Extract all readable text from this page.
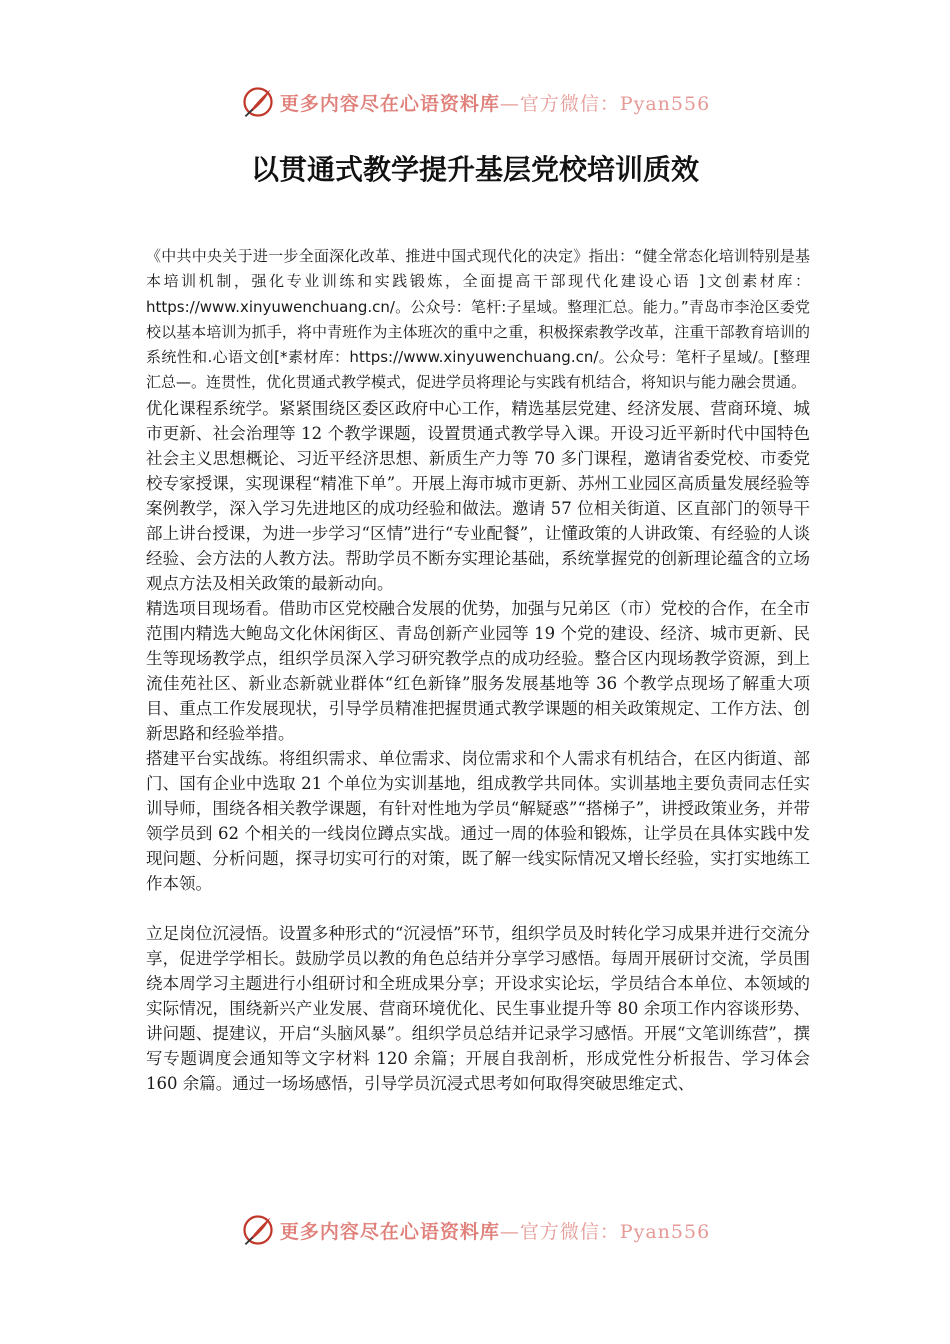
更多内容尽在心语资料库—官方微信：Pyan556
以贯通式教学提升基层党校培训质效

《中共中央关于进一步全面深化改革、推进中国式现代化的决定》指出：“健全常态化培训特别是基本培训机制，强化专业训练和实践锻炼，全面提高干部现代化建设心语 ]文创素材库：https://www.xinyuwenchuang.cn/。公众号：笔杆:子星域。整理汇总。能力。”青岛市李沧区委党校以基本培训为抓手，将中青班作为主体班次的重中之重，积极探索教学改革，注重干部教育培训的系统性和.心语文创[*素材库：https://www.xinyuwenchuang.cn/。公众号：笔杆子星域/。[整理汇总—。连贯性，优化贯通式教学模式，促进学员将理论与实践有机结合，将知识与能力融会贯通。

优化课程系统学。紧紧围绕区委区政府中心工作，精选基层党建、经济发展、营商环境、城市更新、社会治理等 12 个教学课题，设置贯通式教学导入课。开设习近平新时代中国特色社会主义思想概论、习近平经济思想、新质生产力等 70 多门课程，邀请省委党校、市委党校专家授课，实现课程“精准下单”。开展上海市城市更新、苏州工业园区高质量发展经验等案例教学，深入学习先进地区的成功经验和做法。邀请 57 位相关街道、区直部门的领导干部上讲台授课，为进一步学习“区情”进行“专业配餐”，让懂政策的人讲政策、有经验的人谈经验、会方法的人教方法。帮助学员不断夯实理论基础，系统掌握党的创新理论蕴含的立场观点方法及相关政策的最新动向。

精选项目现场看。借助市区党校融合发展的优势，加强与兄弟区（市）党校的合作，在全市范围内精选大鲍岛文化休闲街区、青岛创新产业园等 19 个党的建设、经济、城市更新、民生等现场教学点，组织学员深入学习研究教学点的成功经验。整合区内现场教学资源，到上流佳苑社区、新业态新就业群体“红色新锋”服务发展基地等 36 个教学点现场了解重大项目、重点工作发展现状，引导学员精准把握贯通式教学课题的相关政策规定、工作方法、创新思路和经验举措。

搭建平台实战练。将组织需求、单位需求、岗位需求和个人需求有机结合，在区内街道、部门、国有企业中选取 21 个单位为实训基地，组成教学共同体。实训基地主要负责同志任实训导师，围绕各相关教学课题，有针对性地为学员“解疑惑”“搭梯子”，讲授政策业务，并带领学员到 62 个相关的一线岗位蹲点实战。通过一周的体验和锻炼，让学员在具体实践中发现问题、分析问题，探寻切实可行的对策，既了解一线实际情况又增长经验，实打实地练工作本领。

立足岗位沉浸悟。设置多种形式的“沉浸悟”环节，组织学员及时转化学习成果并进行交流分享，促进学学相长。鼓励学员以教的角色总结并分享学习感悟。每周开展研讨交流，学员围绕本周学习主题进行小组研讨和全班成果分享；开设求实论坛，学员结合本单位、本领域的实际情况，围绕新兴产业发展、营商环境优化、民生事业提升等 80 余项工作内容谈形势、讲问题、提建议，开启“头脑风暴”。组织学员总结并记录学习感悟。开展“文笔训练营”，撰写专题调度会通知等文字材料 120 余篇；开展自我剖析，形成党性分析报告、学习体会 160 余篇。通过一场场感悟，引导学员沉浸式思考如何取得突破思维定式、

更多内容尽在心语资料库—官方微信：Pyan556
